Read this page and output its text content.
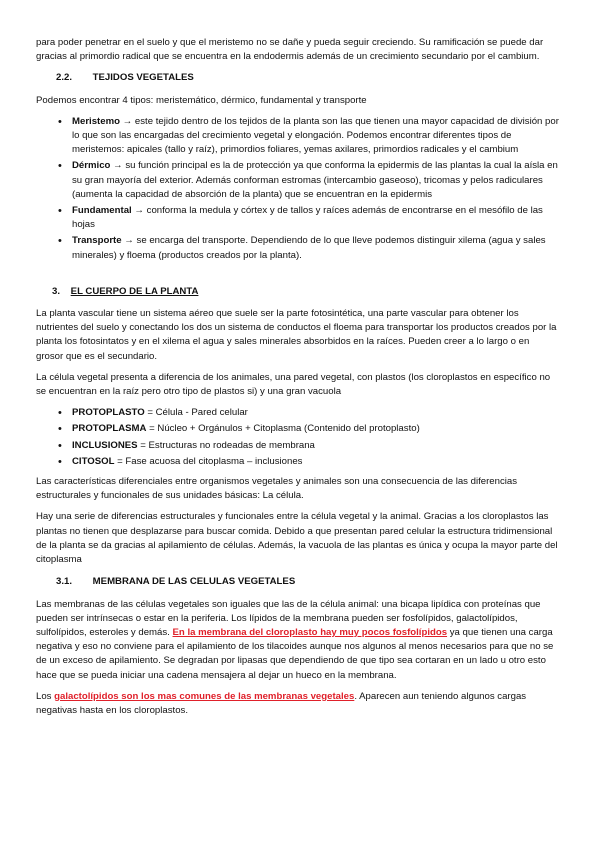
para poder penetrar en el suelo y que el meristemo no se dañe y pueda seguir creciendo. Su ramificación se puede dar gracias al primordio radical que se encuentra en la endodermis además de un crecimiento secundario por el cambium.

2.2. TEJIDOS VEGETALES

Podemos encontrar 4 tipos: meristemático, dérmico, fundamental y transporte

• Meristemo → este tejido dentro de los tejidos de la planta son las que tienen una mayor capacidad de división por lo que son las encargadas del crecimiento vegetal y elongación. Podemos encontrar diferentes tipos de meristemos: apicales (tallo y raíz), primordios foliares, yemas axilares, primordios radicales y el cambium
• Dérmico → su función principal es la de protección ya que conforma la epidermis de las plantas la cual la aísla en su gran mayoría del exterior. Además conforman estromas (intercambio gaseoso), tricomas y pelos radiculares (aumenta la capacidad de absorción de la planta) que se encuentran en la epidermis
• Fundamental → conforma la medula y córtex y de tallos y raíces además de encontrarse en el mesófilo de las hojas
• Transporte → se encarga del transporte. Dependiendo de lo que lleve podemos distinguir xilema (agua y sales minerales) y floema (productos creados por la planta).
3. EL CUERPO DE LA PLANTA

La planta vascular tiene un sistema aéreo que suele ser la parte fotosintética, una parte vascular para obtener los nutrientes del suelo y conectando los dos un sistema de conductos el floema para transportar los productos creados por la planta los fotosintatos y en el xilema el agua y sales minerales absorbidos en la raíces. Pueden creer a lo largo o en grosor que es el secundario.

La célula vegetal presenta a diferencia de los animales, una pared vegetal, con plastos (los cloroplastos en específico no se encuentran en la raíz pero otro tipo de plastos si) y una gran vacuola

• PROTOPLASTO = Célula - Pared celular
• PROTOPLASMA = Núcleo + Orgánulos + Citoplasma (Contenido del protoplasto)
• INCLUSIONES = Estructuras no rodeadas de membrana
• CITOSOL = Fase acuosa del citoplasma – inclusiones

Las características diferenciales entre organismos vegetales y animales son una consecuencia de las diferencias estructurales y funcionales de sus unidades básicas: La célula.

Hay una serie de diferencias estructurales y funcionales entre la célula vegetal y la animal. Gracias a los cloroplastos las plantas no tienen que desplazarse para buscar comida. Debido a que presentan pared celular la estructura tridimensional de la planta se da gracias al apilamiento de células. Además, la vacuola de las plantas es única y ocupa la mayor parte del citoplasma

3.1. MEMBRANA DE LAS CELULAS VEGETALES

Las membranas de las células vegetales son iguales que las de la célula animal: una bicapa lipídica con proteínas que pueden ser intrínsecas o estar en la periferia. Los lípidos de la membrana pueden ser fosfolípidos, galactolípidos, sulfolípidos, esteroles y demás. En la membrana del cloroplasto hay muy pocos fosfolípidos ya que tienen una carga negativa y eso no conviene para el apilamiento de los tilacoides aunque nos algunos al menos necesarios para que no se de un exceso de apilamiento. Se degradan por lipasas que dependiendo de que tipo sea cortaran en un lado u otro esto hace que se pueda iniciar una cadena mensajera al dejar un hueco en la membrana.

Los galactolípidos son los mas comunes de las membranas vegetales. Aparecen aun teniendo algunos cargas negativas hasta en los cloroplastos.
